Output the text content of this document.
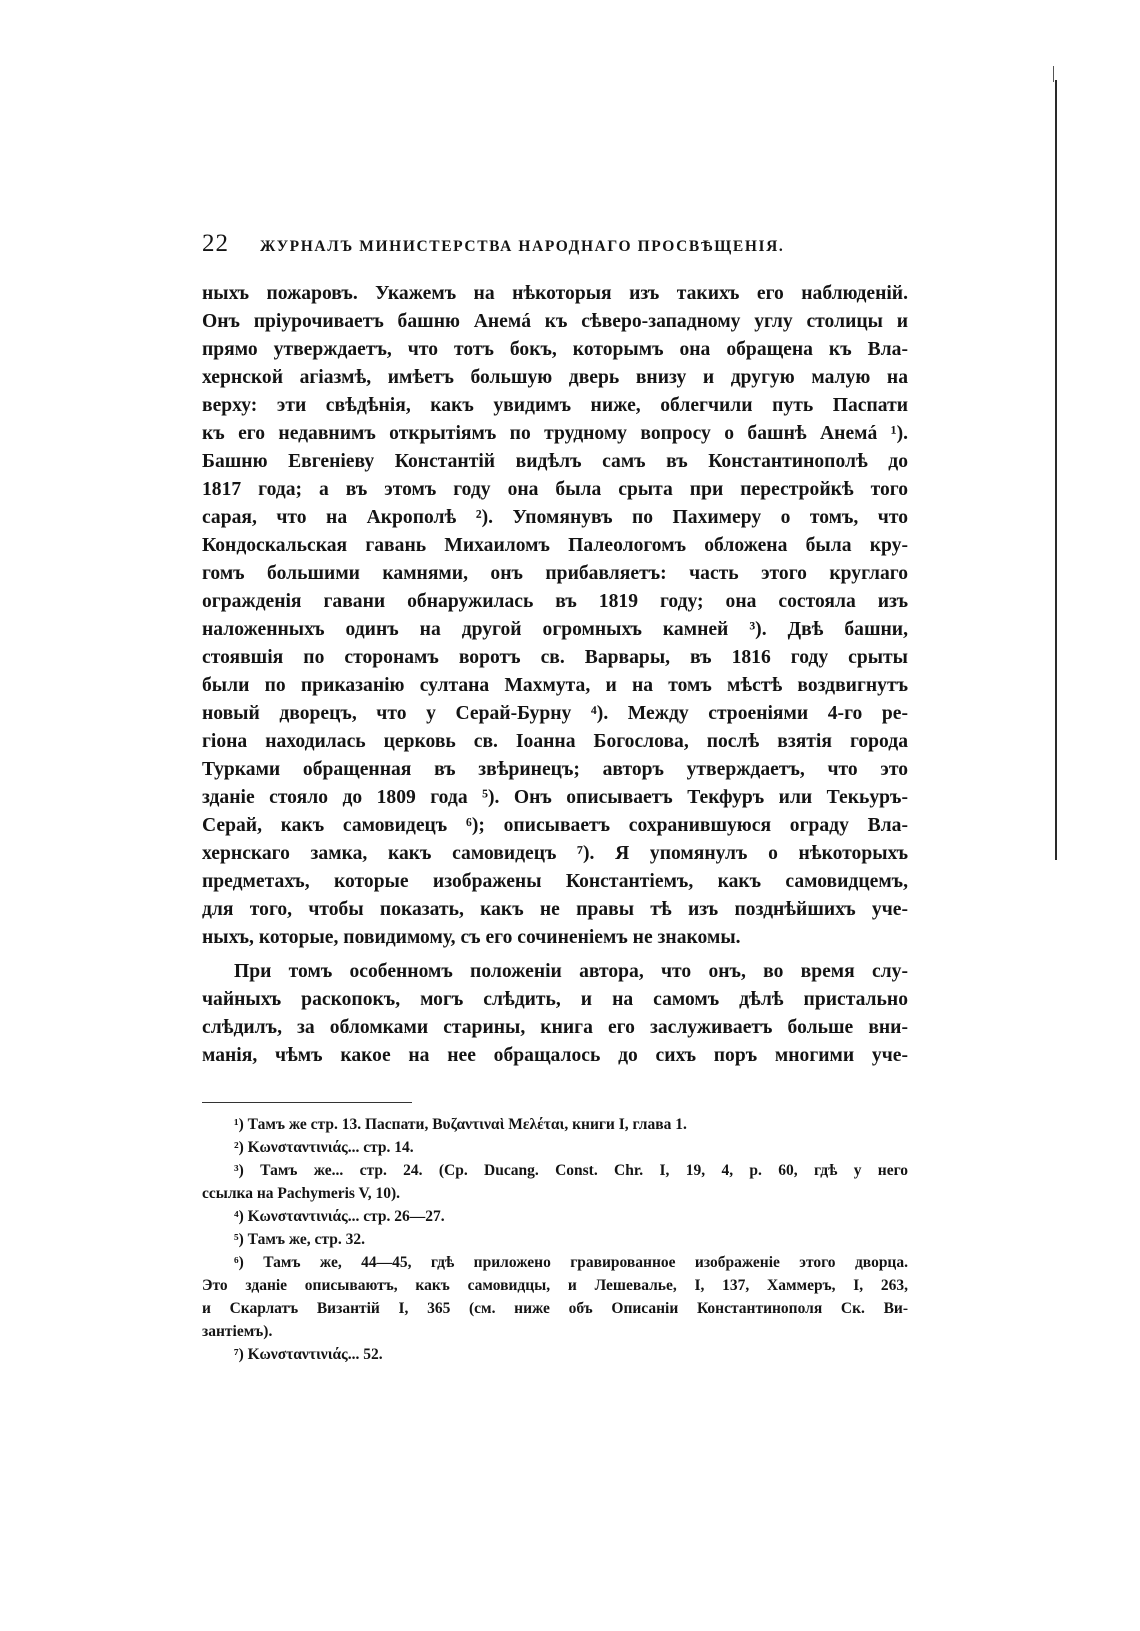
22	ЖУРНАЛЪ МИНИСТЕРСТВА НАРОДНАГО ПРОСВѢЩЕНІЯ.
ныхъ пожаровъ. Укажемъ на нѣкоторыя изъ такихъ его наблюденій.
Онъ пріурочиваетъ башню Анемá къ сѣверо-западному углу столицы и
прямо утверждаетъ, что тотъ бокъ, которымъ она обращена къ Вла-
хернской агіазмѣ, имѣетъ большую дверь внизу и другую малую на
верху: эти свѣдѣнія, какъ увидимъ ниже, облегчили путь Паспати
къ его недавнимъ открытіямъ по трудному вопросу о башнѣ Анемá ¹).
Башню Евгеніеву Константій видѣлъ самъ въ Константинополѣ до
1817 года; а въ этомъ году она была срыта при перестройкѣ того
сарая, что на Акрополѣ ²). Упомянувъ по Пахимеру о томъ, что
Кондоскальская гавань Михаиломъ Палеологомъ обложена была кру-
гомъ большими камнями, онъ прибавляетъ: часть этого круглаго
огражденія гавани обнаружилась въ 1819 году; она состояла изъ
наложенныхъ одинъ на другой огромныхъ камней ³). Двѣ башни,
стоявшія по сторонамъ воротъ св. Варвары, въ 1816 году срыты
были по приказанію султана Махмута, и на томъ мѣстѣ воздвигнутъ
новый дворецъ, что у Серай-Бурну ⁴). Между строеніями 4-го ре-
гіона находилась церковь св. Іоанна Богослова, послѣ взятія города
Турками обращенная въ звѣринецъ; авторъ утверждаетъ, что это
зданіе стояло до 1809 года ⁵). Онъ описываетъ Текфуръ или Текьуръ-
Серай, какъ самовидецъ ⁶); описываетъ сохранившуюся ограду Вла-
хернскаго замка, какъ самовидецъ ⁷). Я упомянулъ о нѣкоторыхъ
предметахъ, которые изображены Константіемъ, какъ самовидцемъ,
для того, чтобы показать, какъ не правы тѣ изъ позднѣйшихъ уче-
ныхъ, которые, повидимому, съ его сочиненіемъ не знакомы.
При томъ особенномъ положеніи автора, что онъ, во время слу-
чайныхъ раскопокъ, могъ слѣдить, и на самомъ дѣлѣ пристально
слѣдилъ, за обломками старины, книга его заслуживаетъ больше вни-
манія, чѣмъ какое на нее обращалось до сихъ поръ многими уче-
¹) Тамъ же стр. 13. Паспати, Βυζαντιναὶ Μελέται, книги I, глава 1.
²) Κωνσταντινιάς... стр. 14.
³) Тамъ же... стр. 24. (Ср. Ducang. Const. Chr. I, 19, 4, p. 60, гдѣ у него
ссылка на Pachymeris V, 10).
⁴) Κωνσταντινιάς... стр. 26—27.
⁵) Тамъ же, стр. 32.
⁶) Тамъ же, 44—45, гдѣ приложено гравированное изображеніе этого дворца.
Это зданіе описываютъ, какъ самовидцы, и Лешевалье, I, 137, Хаммеръ, I, 263,
и Скарлатъ Византій I, 365 (см. ниже объ Описаніи Константинополя Ск. Ви-
зантіемъ).
⁷) Κωνσταντινιάς... 52.
